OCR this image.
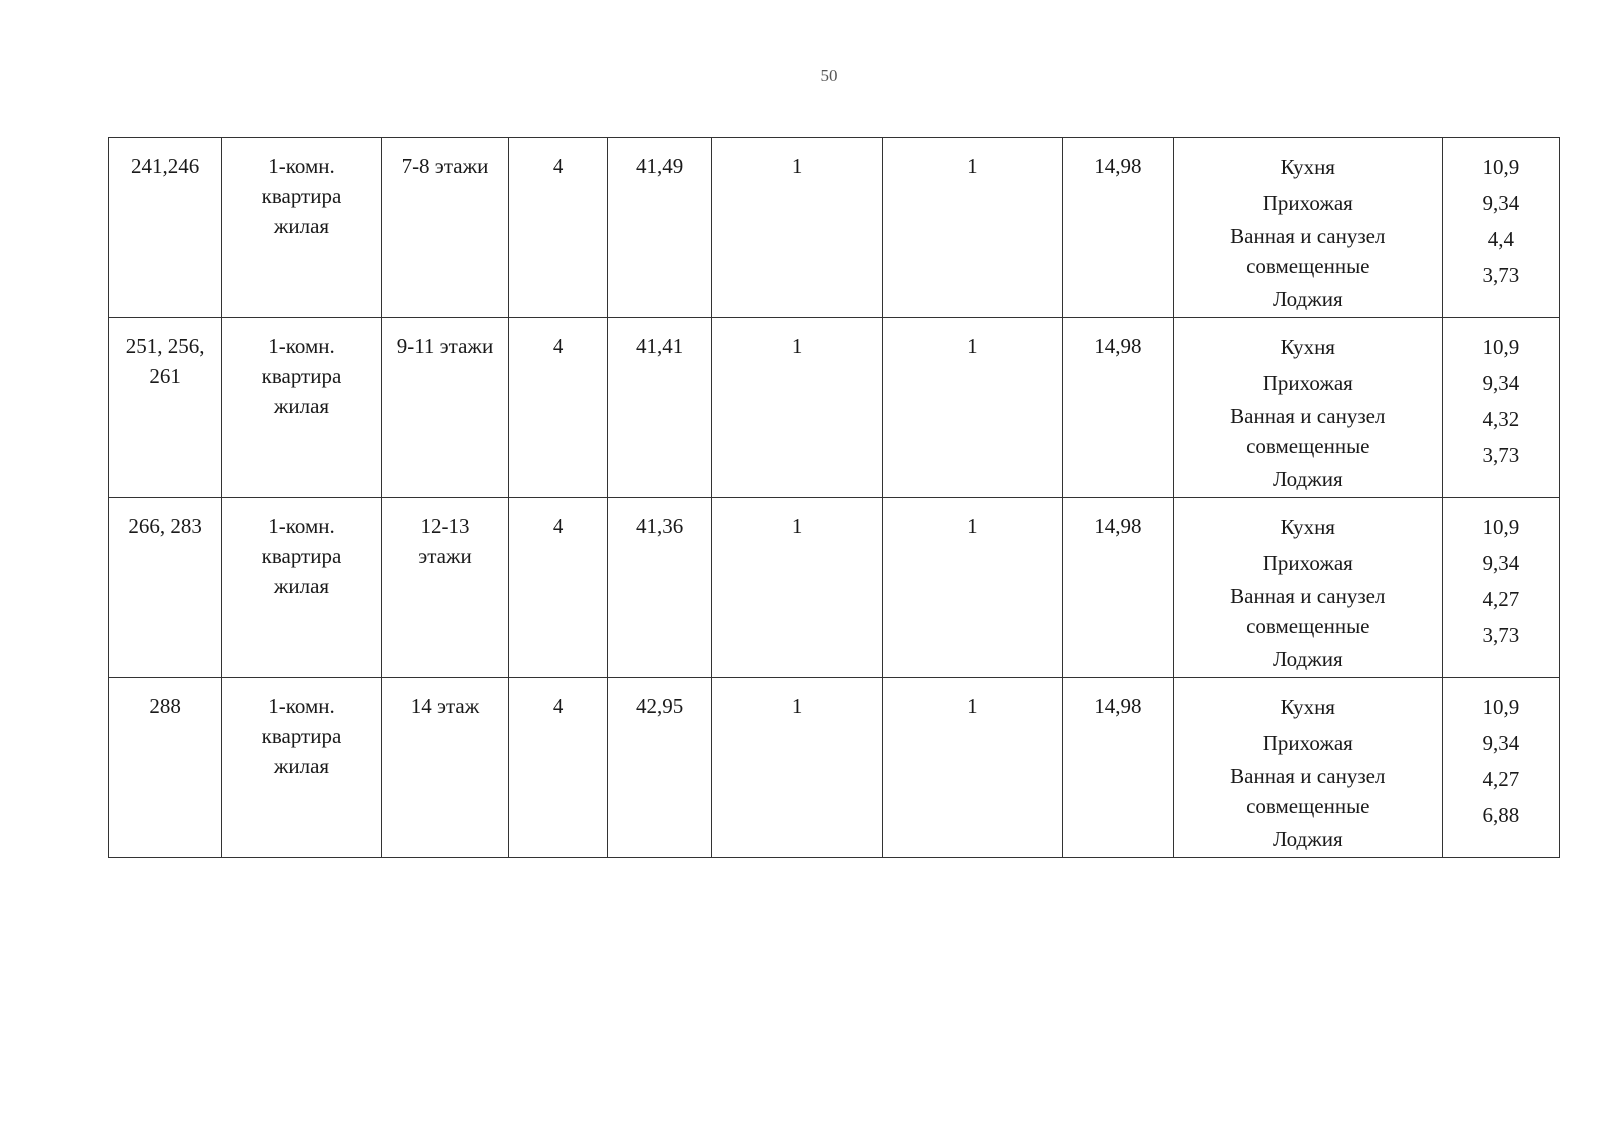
50
241,246	1-комн.
квартира
жилая	7-8 этажи	4	41,49	1	1	14,98	Кухня
Прихожая
Ванная и санузел совмещенные
Лоджия	10,9
9,34
4,4
3,73

251, 256,
261	1-комн.
квартира
жилая	9-11 этажи	4	41,41	1	1	14,98	Кухня
Прихожая
Ванная и санузел совмещенные
Лоджия	10,9
9,34
4,32
3,73

266, 283	1-комн.
квартира
жилая	12-13
этажи	4	41,36	1	1	14,98	Кухня
Прихожая
Ванная и санузел совмещенные
Лоджия	10,9
9,34
4,27
3,73

288	1-комн.
квартира
жилая	14 этаж	4	42,95	1	1	14,98	Кухня
Прихожая
Ванная и санузел совмещенные
Лоджия	10,9
9,34
4,27
6,88
